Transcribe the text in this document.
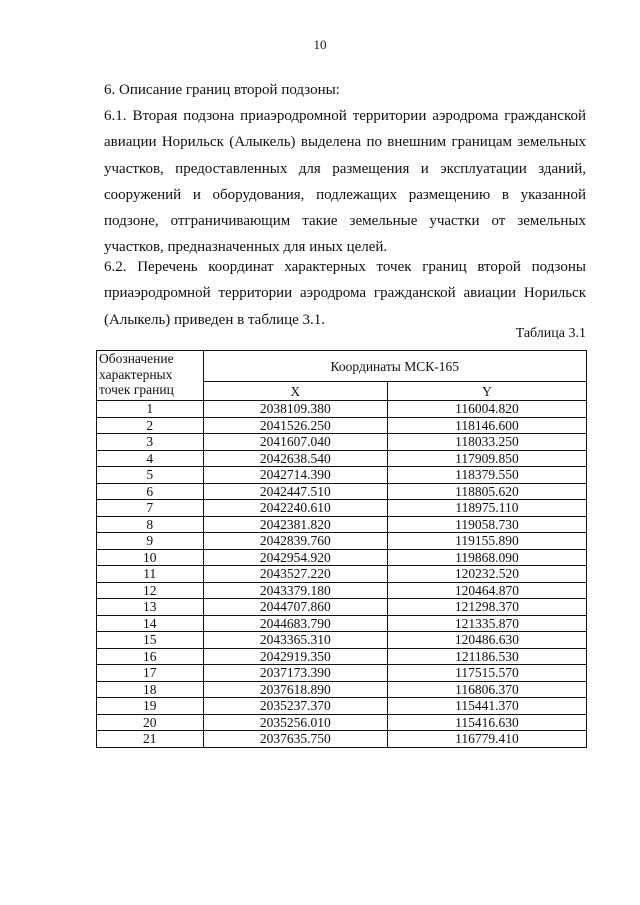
10
6. Описание границ второй подзоны:
6.1. Вторая подзона приаэродромной территории аэродрома гражданской авиации Норильск (Алыкель) выделена по внешним границам земельных участков, предоставленных для размещения и эксплуатации зданий, сооружений и оборудования, подлежащих размещению в указанной подзоне, отграничивающим такие земельные участки от земельных участков, предназначенных для иных целей.
6.2. Перечень координат характерных точек границ второй подзоны приаэродромной территории аэродрома гражданской авиации Норильск (Алыкель) приведен в таблице 3.1.
Таблица 3.1
Обозначение характерных точек границ	Координаты МСК-165	
	X	Y
1	2038109.380	116004.820
2	2041526.250	118146.600
3	2041607.040	118033.250
4	2042638.540	117909.850
5	2042714.390	118379.550
6	2042447.510	118805.620
7	2042240.610	118975.110
8	2042381.820	119058.730
9	2042839.760	119155.890
10	2042954.920	119868.090
11	2043527.220	120232.520
12	2043379.180	120464.870
13	2044707.860	121298.370
14	2044683.790	121335.870
15	2043365.310	120486.630
16	2042919.350	121186.530
17	2037173.390	117515.570
18	2037618.890	116806.370
19	2035237.370	115441.370
20	2035256.010	115416.630
21	2037635.750	116779.410
